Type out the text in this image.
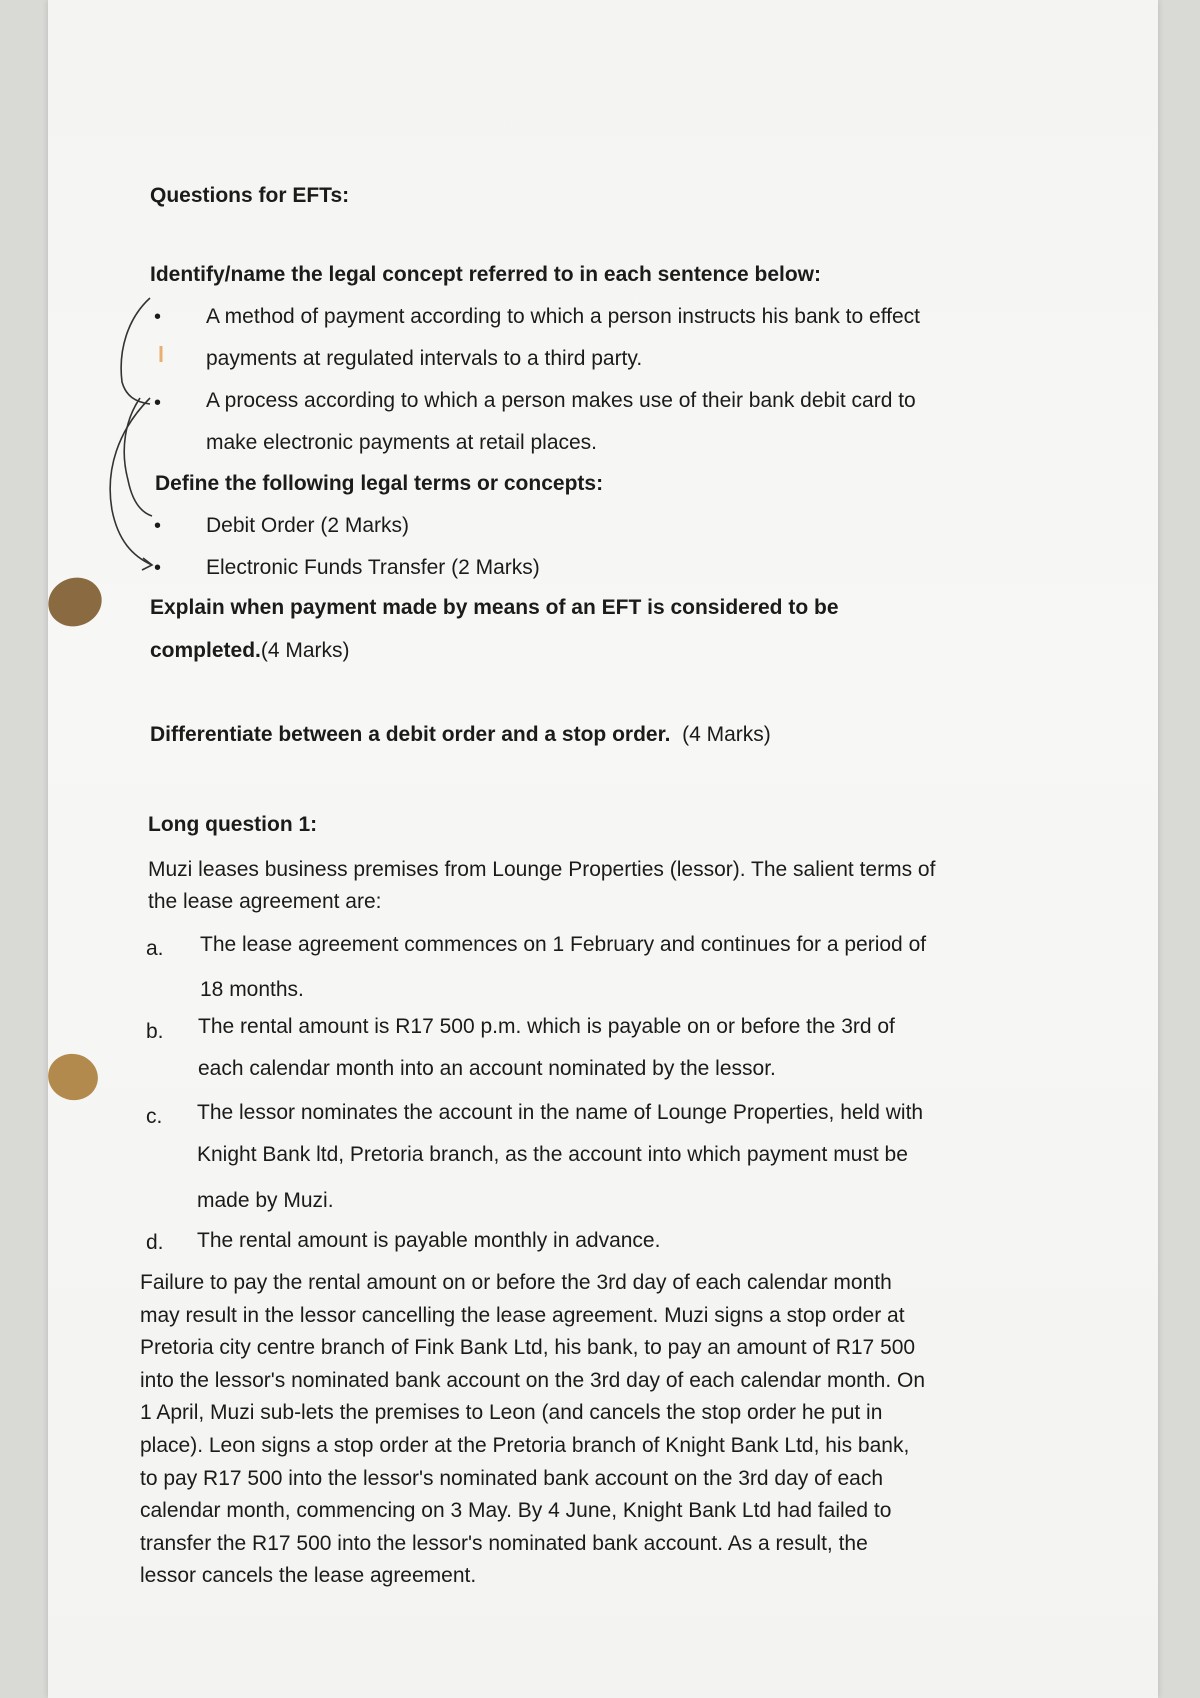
Questions for EFTs:

Identify/name the legal concept referred to in each sentence below:

• A method of payment according to which a person instructs his bank to effect

payments at regulated intervals to a third party.

• A process according to which a person makes use of their bank debit card to

make electronic payments at retail places.

Define the following legal terms or concepts:

• Debit Order (2 Marks)

• Electronic Funds Transfer (2 Marks)

Explain when payment made by means of an EFT is considered to be

completed.(4 Marks)

Differentiate between a debit order and a stop order. (4 Marks)

Long question 1:

Muzi leases business premises from Lounge Properties (lessor). The salient terms of

the lease agreement are:

a. The lease agreement commences on 1 February and continues for a period of

18 months.

b. The rental amount is R17 500 p.m. which is payable on or before the 3rd of

each calendar month into an account nominated by the lessor.

c. The lessor nominates the account in the name of Lounge Properties, held with

Knight Bank ltd, Pretoria branch, as the account into which payment must be

made by Muzi.

d. The rental amount is payable monthly in advance.

Failure to pay the rental amount on or before the 3rd day of each calendar month
may result in the lessor cancelling the lease agreement. Muzi signs a stop order at
Pretoria city centre branch of Fink Bank Ltd, his bank, to pay an amount of R17 500
into the lessor's nominated bank account on the 3rd day of each calendar month. On
1 April, Muzi sub-lets the premises to Leon (and cancels the stop order he put in
place). Leon signs a stop order at the Pretoria branch of Knight Bank Ltd, his bank,
to pay R17 500 into the lessor's nominated bank account on the 3rd day of each
calendar month, commencing on 3 May. By 4 June, Knight Bank Ltd had failed to
transfer the R17 500 into the lessor's nominated bank account. As a result, the
lessor cancels the lease agreement.
